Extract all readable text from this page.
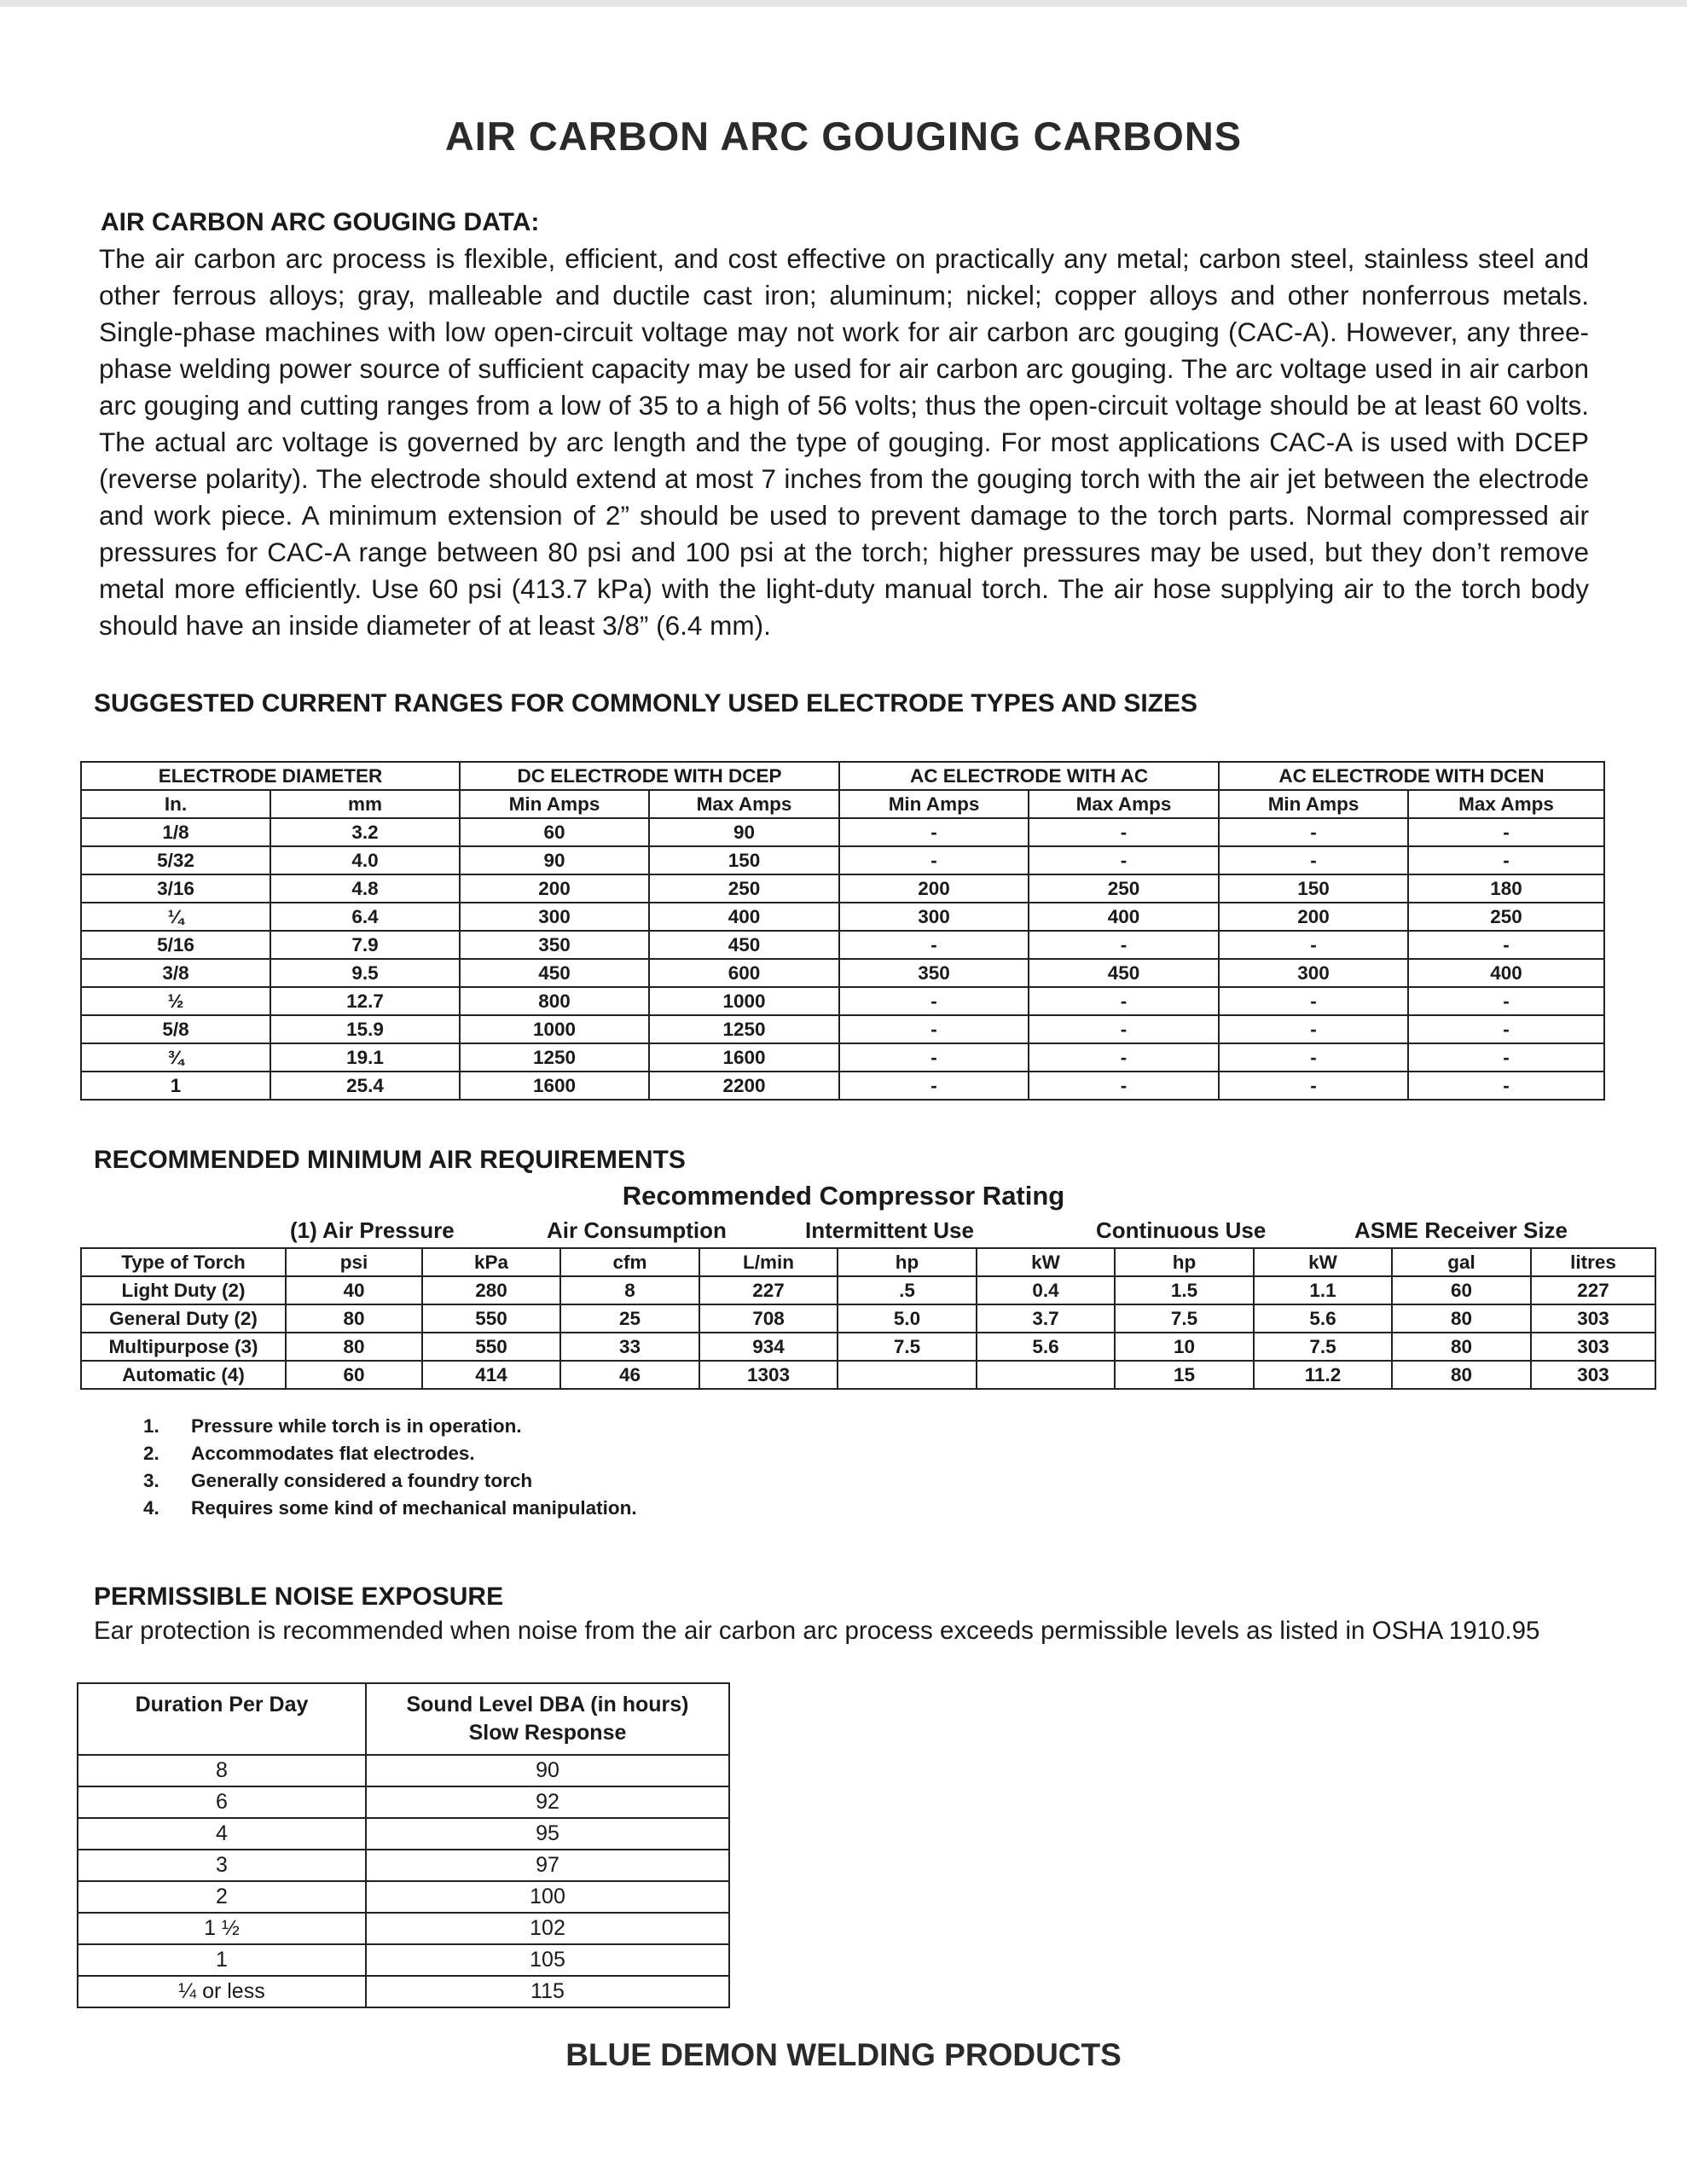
AIR CARBON ARC GOUGING CARBONS
AIR CARBON ARC GOUGING DATA:
The air carbon arc process is flexible, efficient, and cost effective on practically any metal; carbon steel, stainless steel and other ferrous alloys; gray, malleable and ductile cast iron; aluminum; nickel; copper alloys and other nonferrous metals. Single-phase machines with low open-circuit voltage may not work for air carbon arc gouging (CAC-A). However, any three-phase welding power source of sufficient capacity may be used for air carbon arc gouging. The arc voltage used in air carbon arc gouging and cutting ranges from a low of 35 to a high of 56 volts; thus the open-circuit voltage should be at least 60 volts. The actual arc voltage is governed by arc length and the type of gouging. For most applications CAC-A is used with DCEP (reverse polarity). The electrode should extend at most 7 inches from the gouging torch with the air jet between the electrode and work piece. A minimum extension of 2” should be used to prevent damage to the torch parts. Normal compressed air pressures for CAC-A range between 80 psi and 100 psi at the torch; higher pressures may be used, but they don’t remove metal more efficiently. Use 60 psi (413.7 kPa) with the light-duty manual torch. The air hose supplying air to the torch body should have an inside diameter of at least 3/8” (6.4 mm).
SUGGESTED CURRENT RANGES FOR COMMONLY USED ELECTRODE TYPES AND SIZES
ELECTRODE DIAMETER		DC ELECTRODE WITH DCEP		AC ELECTRODE WITH AC		AC ELECTRODE WITH DCEN	
In.	mm	Min Amps	Max Amps	Min Amps	Max Amps	Min Amps	Max Amps
1/8	3.2	60	90	-	-	-	-
5/32	4.0	90	150	-	-	-	-
3/16	4.8	200	250	200	250	150	180
¼	6.4	300	400	300	400	200	250
5/16	7.9	350	450	-	-	-	-
3/8	9.5	450	600	350	450	300	400
½	12.7	800	1000	-	-	-	-
5/8	15.9	1000	1250	-	-	-	-
¾	19.1	1250	1600	-	-	-	-
1	25.4	1600	2200	-	-	-	-
RECOMMENDED MINIMUM AIR REQUIREMENTS
Recommended Compressor Rating
(1) Air Pressure	Air Consumption	Intermittent Use	Continuous Use	ASME Receiver Size
Type of Torch	psi	kPa	cfm	L/min	hp	kW	hp	kW	gal	litres
Light Duty (2)	40	280	8	227	.5	0.4	1.5	1.1	60	227
General Duty (2)	80	550	25	708	5.0	3.7	7.5	5.6	80	303
Multipurpose (3)	80	550	33	934	7.5	5.6	10	7.5	80	303
Automatic (4)	60	414	46	1303			15	11.2	80	303
1. Pressure while torch is in operation.
2. Accommodates flat electrodes.
3. Generally considered a foundry torch
4. Requires some kind of mechanical manipulation.
PERMISSIBLE NOISE EXPOSURE
Ear protection is recommended when noise from the air carbon arc process exceeds permissible levels as listed in OSHA 1910.95
Duration Per Day	Sound Level DBA (in hours)
Slow Response

8	90
6	92
4	95
3	97
2	100
1 ½	102
1	105
¼ or less	115
BLUE DEMON WELDING PRODUCTS
